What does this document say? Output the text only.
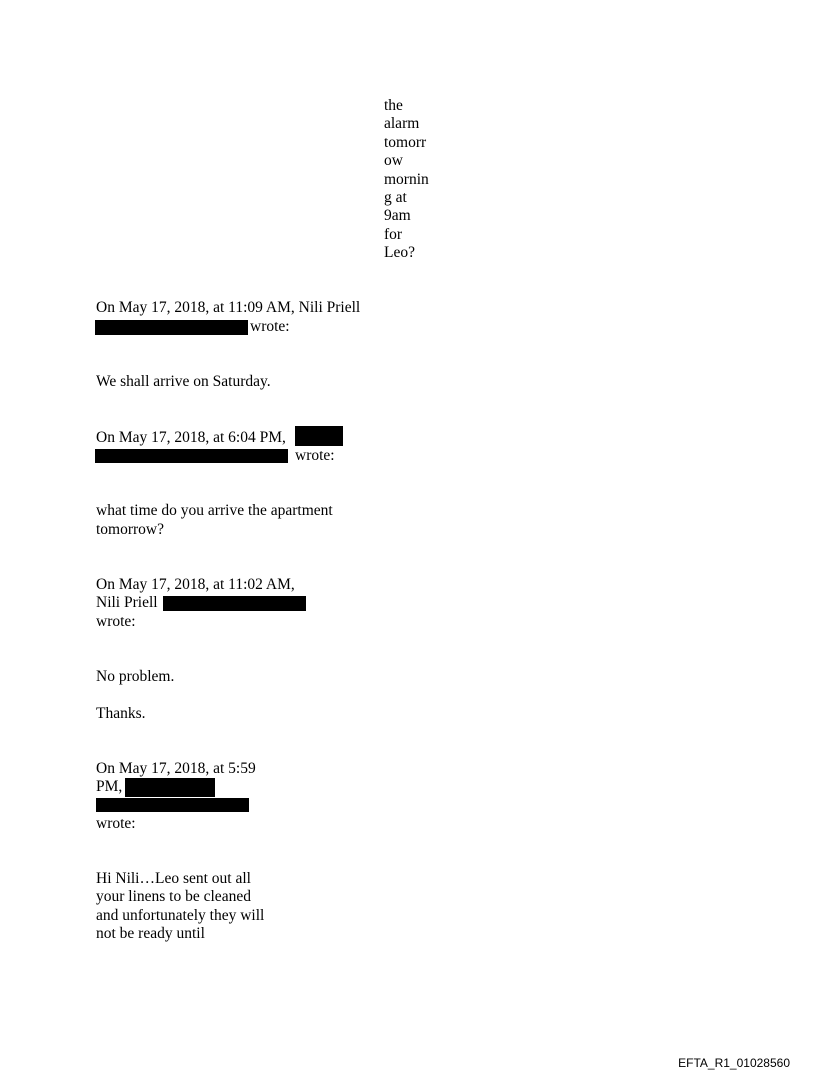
the
alarm
tomorr
ow
mornin
g at
9am
for
Leo?
On May 17, 2018, at 11:09 AM, Nili Priell
wrote:
We shall arrive on Saturday.
On May 17, 2018, at 6:04 PM,
wrote:
what time do you arrive the apartment
tomorrow?
On May 17, 2018, at 11:02 AM,
Nili Priell
wrote:
No problem.
Thanks.
On May 17, 2018, at 5:59
PM,
wrote:
Hi Nili…Leo sent out all
your linens to be cleaned
and unfortunately they will
not be ready until
EFTA_R1_01028560
